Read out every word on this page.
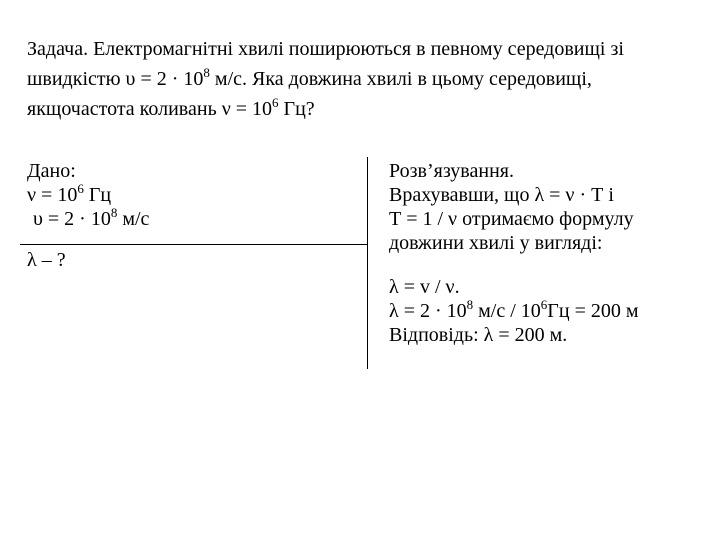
Задача. Електромагнітні хвилі поширюються в певному середовищі зі
швидкістю $\upsilon = 2 \cdot 10^8$ м/с. Яка довжина хвилі в цьому середовищі,
якщочастота коливань $\nu = 10^6$ Гц?
Дано:
$\nu = 10^6$ Гц
$\upsilon = 2 \cdot 10^8$ м/с
λ – ?
Розв’язування.
Врахувавши, що λ = ν · Т і
Т = 1 / ν отримаємо формулу
довжини хвилі у вигляді:
λ = v / ν.
$\lambda = 2 \cdot 10^8$ $м/с / 10^6Гц = 200$ м
Відповідь: λ = 200 м.
